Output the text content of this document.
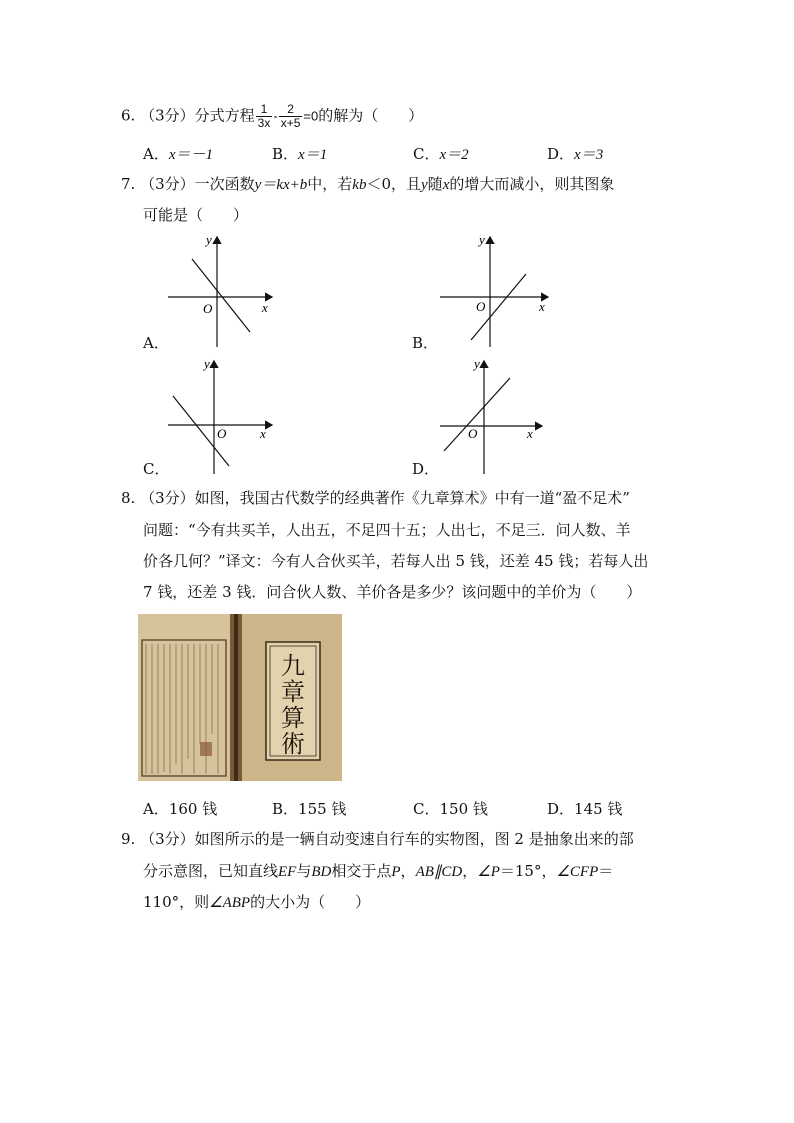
6. （3分）分式方程 $\frac{1}{3x} - \frac{2}{x+5} =0$的解为（　　）
A．x＝－1	B．x＝1	C．x＝2	D．x＝3
7. （3分）一次函数y＝kx+b中，若kb＜0，且y随x的增大而减小，则其图象
可能是（　　）
O	x
y
A．
O	x
y
B．
O	x
y
C．
O	x
y
D．
8. （3分）如图，我国古代数学的经典著作《九章算术》中有一道“盈不足术”
问题：“今有共买羊，人出五，不足四十五；人出七，不足三．问人数、羊
价各几何？”译文：今有人合伙买羊，若每人出 5 钱，还差 45 钱；若每人出
7 钱，还差 3 钱．问合伙人数、羊价各是多少？该问题中的羊价为（　　）
九
章
算
術
A．160 钱	B．155 钱	C．150 钱	D．145 钱
9. （3分）如图所示的是一辆自动变速自行车的实物图，图 2 是抽象出来的部
分示意图，已知直线EF与BD相交于点P，AB∥CD，∠P＝15°，∠CFP＝
110°，则∠ABP的大小为（　　）
